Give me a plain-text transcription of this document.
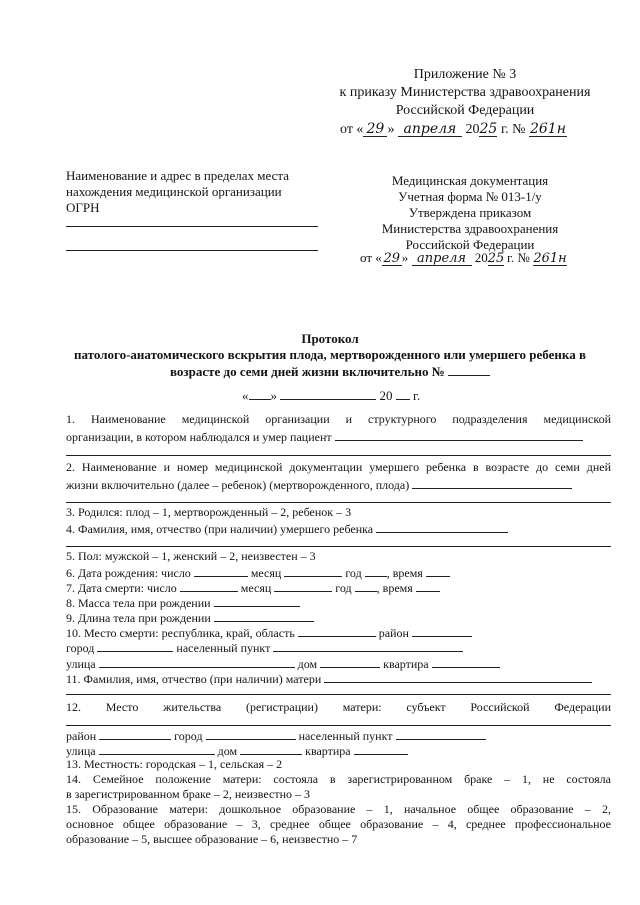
Приложение № 3
к приказу Министерства здравоохранения
Российской Федерации
от « 29 » апреля 2025 г. № 261н
Наименование и адрес в пределах места
нахождения медицинской организации
ОГРН
Медицинская документация
Учетная форма № 013-1/у
Утверждена приказом
Министерства здравоохранения
Российской Федерации
от « 29 » апреля 2025 г. № 261н
Протокол
патолого-анатомического вскрытия плода, мертворожденного или умершего ребенка в
возрасте до семи дней жизни включительно №
« »	20 г.
1. Наименование медицинской организации и структурного подразделения медицинской
организации, в котором наблюдался и умер пациент
2. Наименование и номер медицинской документации умершего ребенка в возрасте до семи дней
жизни включительно (далее – ребенок) (мертворожденного, плода)
3. Родился: плод – 1, мертворожденный – 2, ребенок – 3
4. Фамилия, имя, отчество (при наличии) умершего ребенка
5. Пол: мужской – 1, женский – 2, неизвестен – 3
6. Дата рождения: число	месяц	год , время
7. Дата смерти: число	месяц	год , время
8. Масса тела при рождении
9. Длина тела при рождении
10. Место смерти: республика, край, область	район
город	населенный пункт
улица	дом	квартира
11. Фамилия, имя, отчество (при наличии) матери
12. Место жительства (регистрации) матери: субъект Российской Федерации
район	город	населенный пункт
улица	дом	квартира
13. Местность: городская – 1, сельская – 2
14. Семейное положение матери: состояла в зарегистрированном браке – 1, не состояла
в зарегистрированном браке – 2, неизвестно – 3
15. Образование матери: дошкольное образование – 1, начальное общее образование – 2,
основное общее образование – 3, среднее общее образование – 4, среднее профессиональное
образование – 5, высшее образование – 6, неизвестно – 7
